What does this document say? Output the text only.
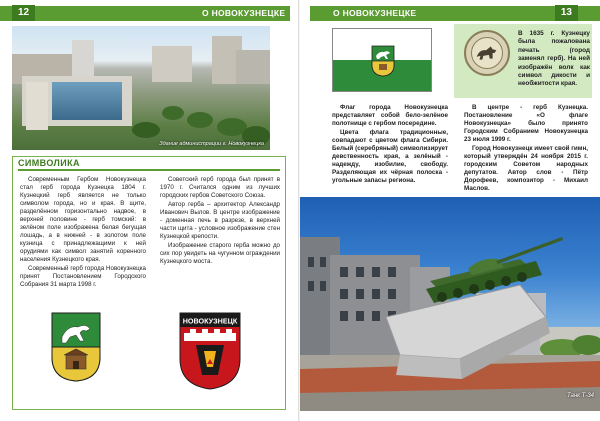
12	О НОВОКУЗНЕЦКЕ
Здание администрации г. Новокузнецка
СИМВОЛИКА

Современным Гербом Новокузнецка стал герб города Кузнецка 1804 г. Кузнецкий герб является не только символом города, но и края. В щите, разделённом горизонтально надвое, в верхней половине - герб томский: в зелёном поле изображена белая бегущая лошадь, а в нижней - в золотом поле кузница с принадлежащими к ней орудиями как символ занятий коренного населения Кузнецкого края.

Современный герб города Новокузнецка принят Постановлением Городского Собрания 31 марта 1998 г.

Советский герб города был принят в 1970 г. Считался одним из лучших городских гербов Советского Союза.

Автор герба – архитектор Александр Иванович Вылов. В центре изображение - доменная печь в разрезе, в верхней части щита - условное изображение стен Кузнецкой крепости.

Изображение старого герба можно до сих пор увидеть на чугунном ограждении Кузнецкого моста.

НОВОКУЗНЕЦК
О НОВОКУЗНЕЦКЕ	13
В 1635 г. Кузнецку была пожалована печать (город заменял герб). На ней изображён волк как символ дикости и необжитости края.

Флаг города Новокузнецка представляет собой бело-зелёное полотнище с гербом посередине.

Цвета флага традиционные, совпадают с цветом флага Сибири. Белый (серебряный) символизирует девственность края, а зелёный - надежду, изобилие, свободу. Разделяющая их чёрная полоска - угольные запасы региона.

В центре - герб Кузнецка. Постановление «О флаге Новокузнецка» было принято Городским Собранием Новокузнецка 23 июля 1999 г.

Город Новокузнецк имеет свой гимн, который утверждён 24 ноября 2015 г. городским Советом народных депутатов. Автор слов - Пётр Дорофеев, композитор - Михаил Маслов.

Танк Т-34
